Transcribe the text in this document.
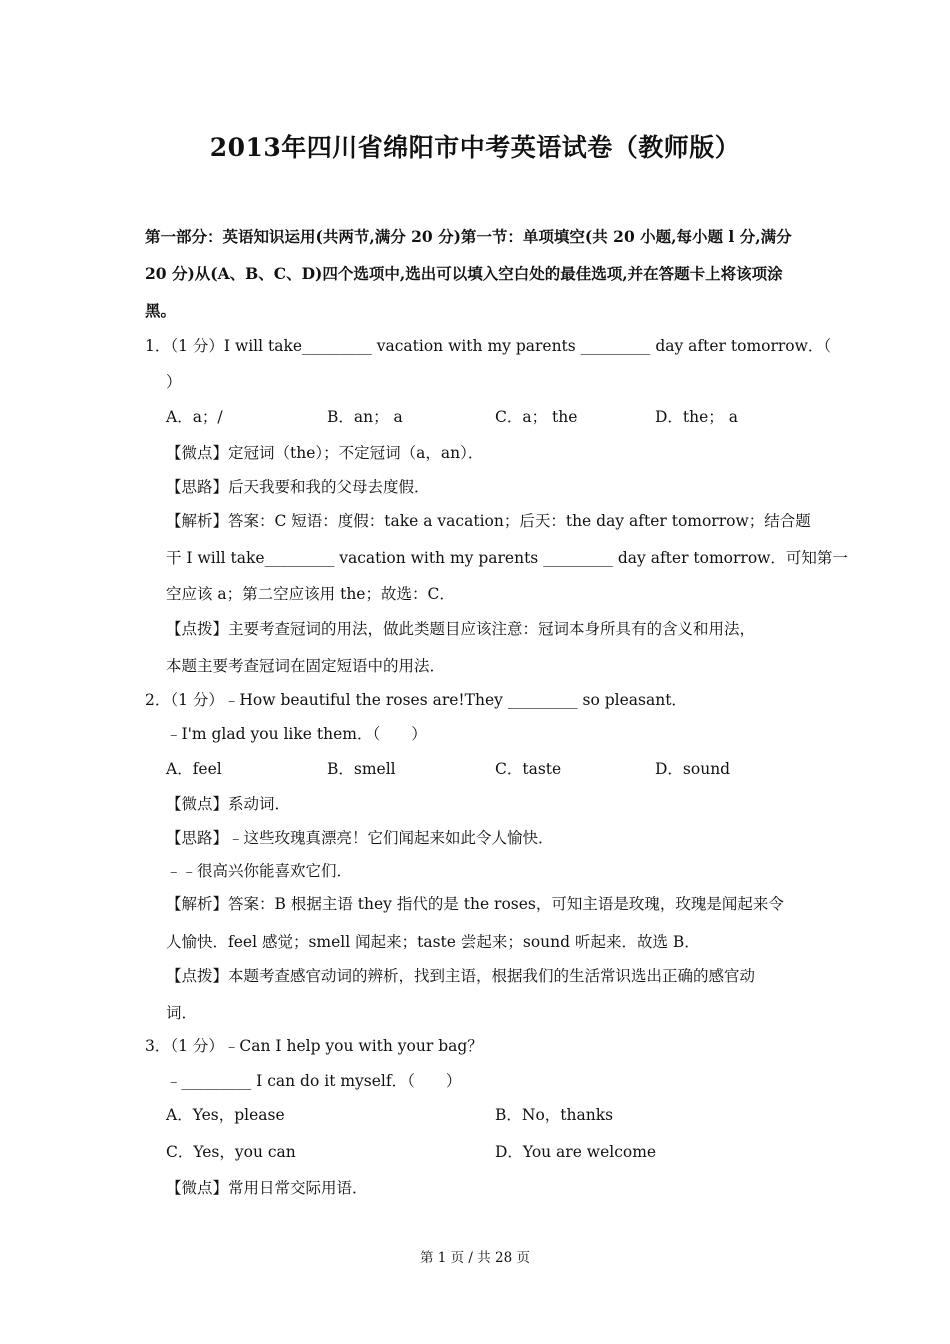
2013年四川省绵阳市中考英语试卷（教师版）
第一部分：英语知识运用(共两节,满分 20 分)第一节：单项填空(共 20 小题,每小题 l 分,满分
20 分)从(A、B、C、D)四个选项中,选出可以填入空白处的最佳选项,并在答题卡上将该项涂
黑。
1．（1 分）I will take_________ vacation with my parents _________ day after tomorrow．（
）
A．a；/	B．an； a	C．a； the	D．the； a
【微点】定冠词（the）；不定冠词（a，an）．
【思路】后天我要和我的父母去度假．
【解析】答案：C 短语：度假：take a vacation；后天：the day after tomorrow；结合题
干 I will take_________ vacation with my parents _________ day after tomorrow．可知第一
空应该 a；第二空应该用 the；故选：C．
【点拨】主要考查冠词的用法，做此类题目应该注意：冠词本身所具有的含义和用法，
本题主要考查冠词在固定短语中的用法．
2．（1 分）﹣How beautiful the roses are!They _________ so pleasant．
﹣I'm glad you like them．（　　）
A．feel	B．smell	C．taste	D．sound
【微点】系动词．
【思路】﹣这些玫瑰真漂亮！它们闻起来如此令人愉快．
﹣﹣很高兴你能喜欢它们．
【解析】答案：B 根据主语 they 指代的是 the roses，可知主语是玫瑰，玫瑰是闻起来令
人愉快．feel 感觉；smell 闻起来；taste 尝起来；sound 听起来．故选 B．
【点拨】本题考查感官动词的辨析，找到主语，根据我们的生活常识选出正确的感官动
词．
3．（1 分）﹣Can I help you with your bag？
﹣_________ I can do it myself．（　　）
A．Yes，please	B．No，thanks
C．Yes，you can	D．You are welcome
【微点】常用日常交际用语．
第 1 页 / 共 28 页
